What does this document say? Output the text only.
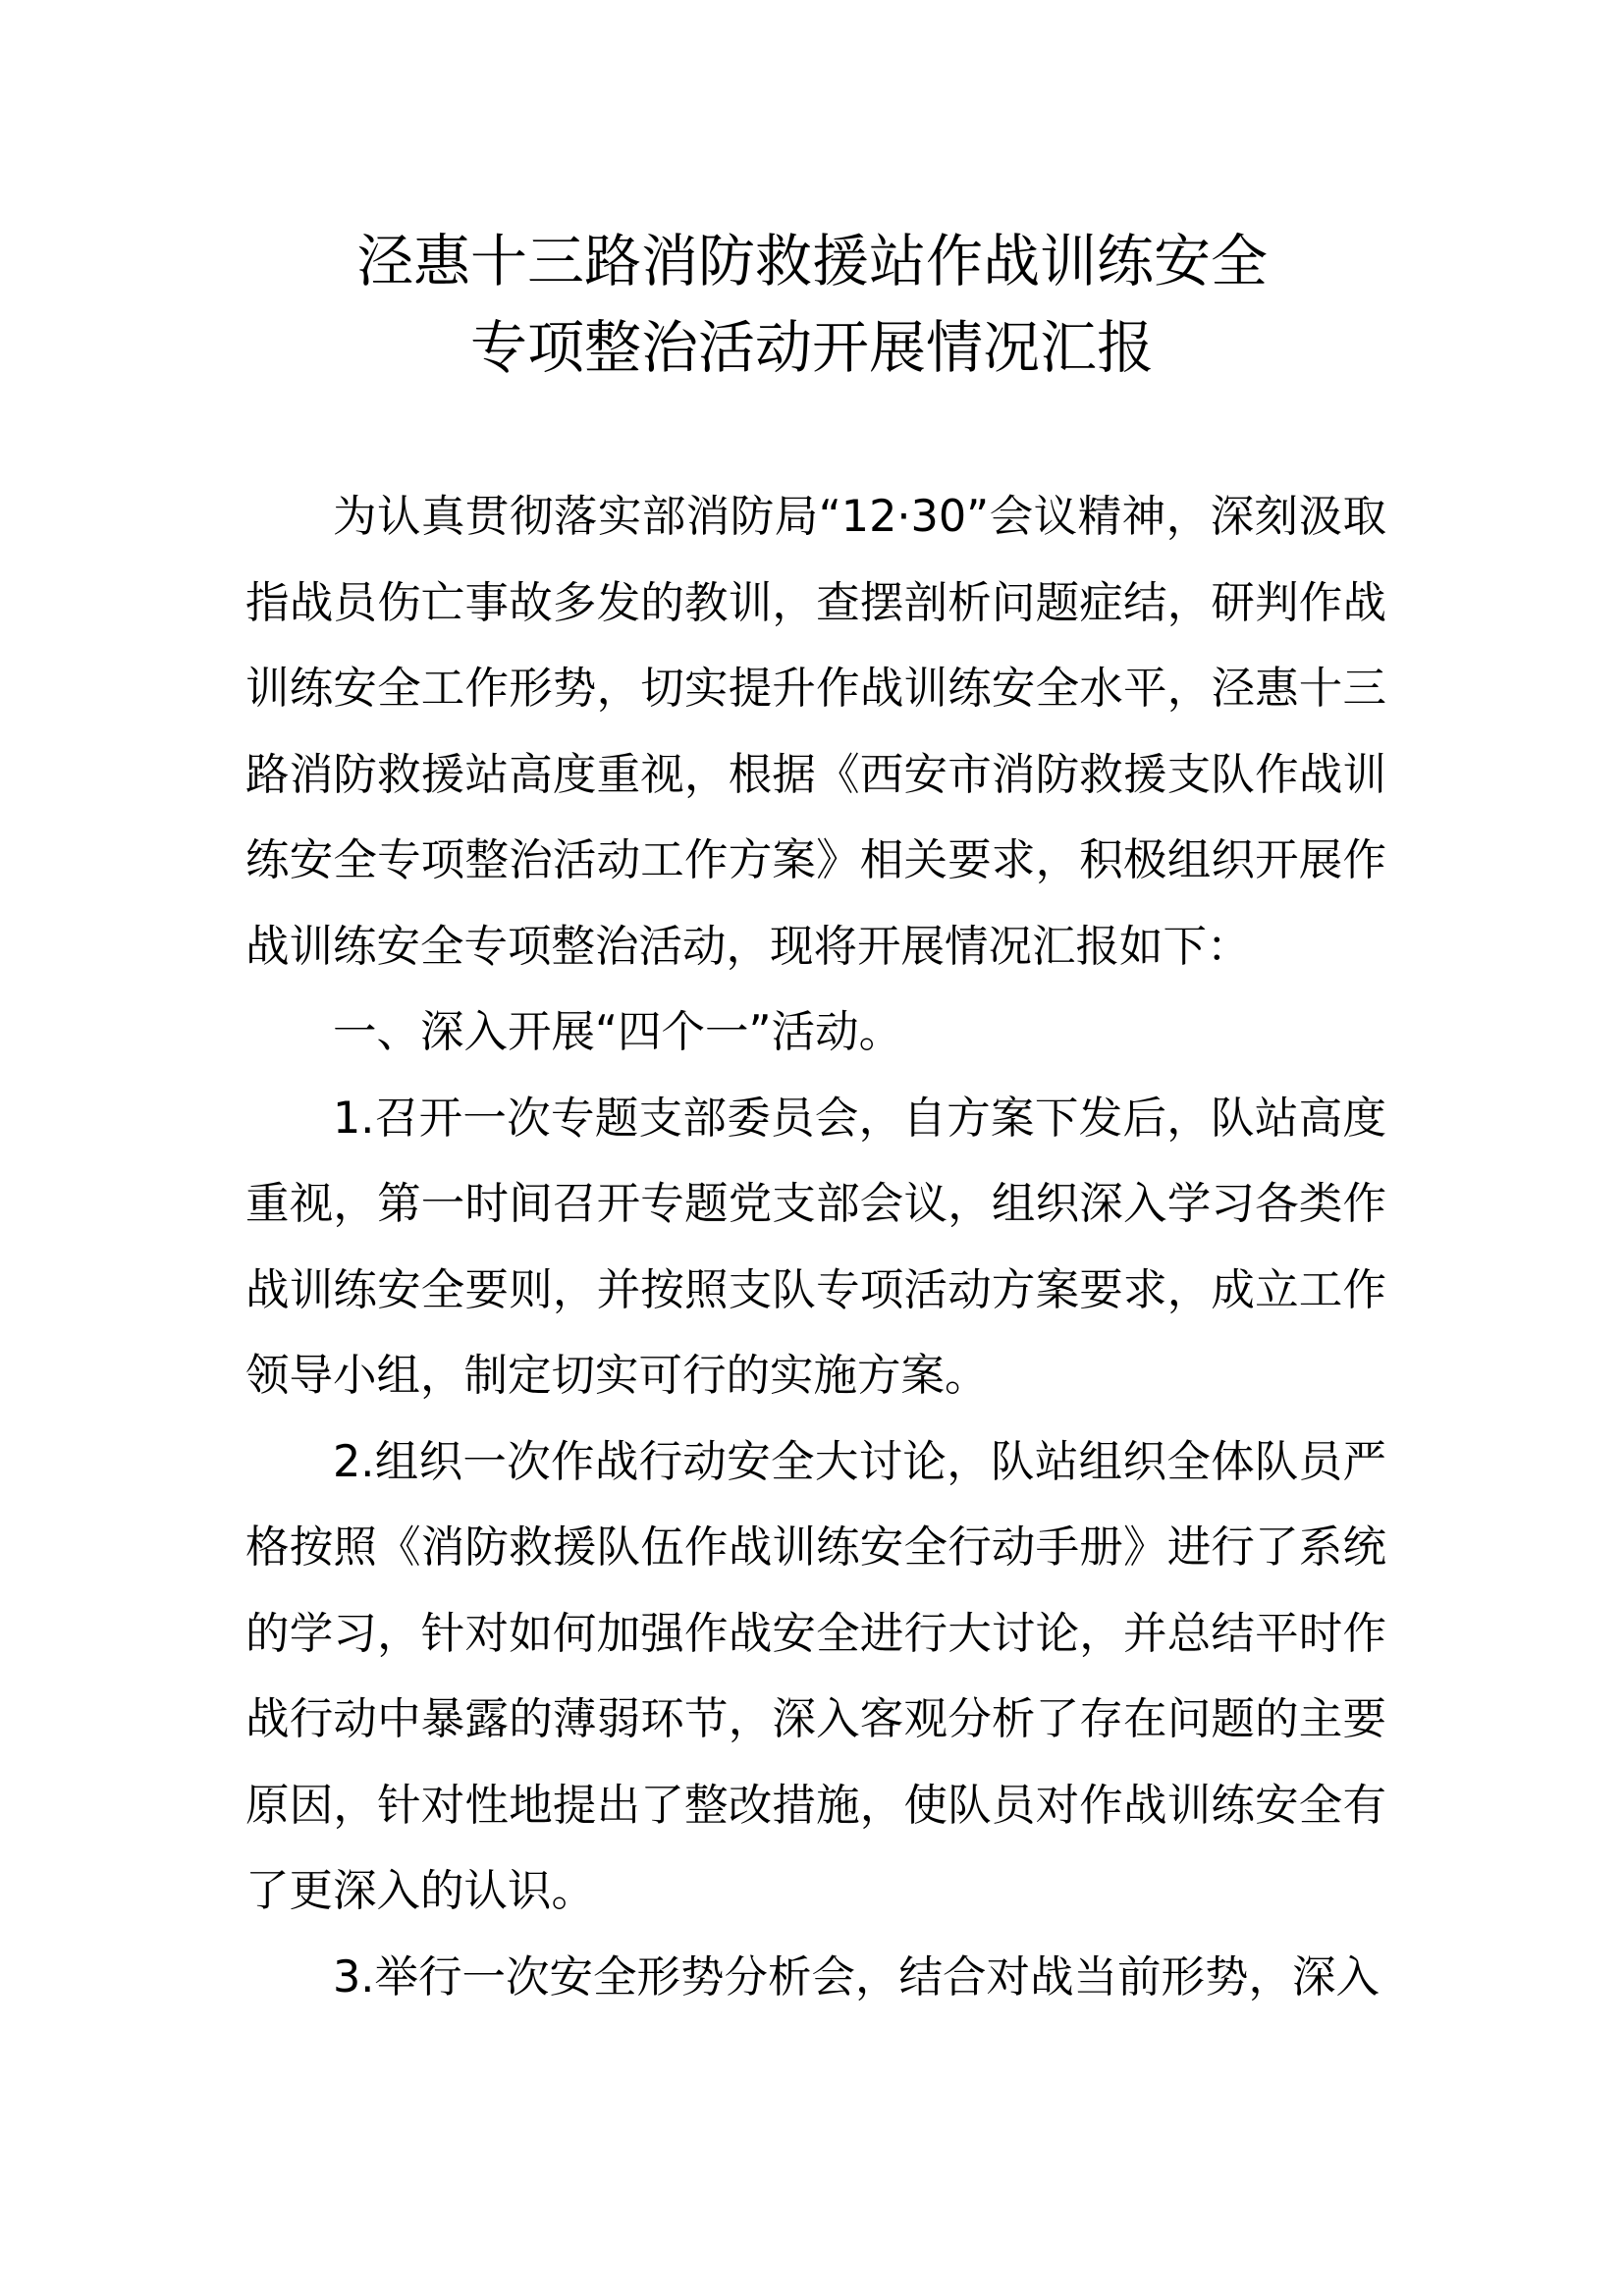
泾惠十三路消防救援站作战训练安全
专项整治活动开展情况汇报

为认真贯彻落实部消防局“12·30”会议精神，深刻汲取指战员伤亡事故多发的教训，查摆剖析问题症结，研判作战训练安全工作形势，切实提升作战训练安全水平，泾惠十三路消防救援站高度重视，根据《西安市消防救援支队作战训练安全专项整治活动工作方案》相关要求，积极组织开展作战训练安全专项整治活动，现将开展情况汇报如下：

一、深入开展“四个一”活动。

1.召开一次专题支部委员会，自方案下发后，队站高度重视，第一时间召开专题党支部会议，组织深入学习各类作战训练安全要则，并按照支队专项活动方案要求，成立工作领导小组，制定切实可行的实施方案。

2.组织一次作战行动安全大讨论，队站组织全体队员严格按照《消防救援队伍作战训练安全行动手册》进行了系统的学习，针对如何加强作战安全进行大讨论，并总结平时作战行动中暴露的薄弱环节，深入客观分析了存在问题的主要原因，针对性地提出了整改措施，使队员对作战训练安全有了更深入的认识。

3.举行一次安全形势分析会，结合对战当前形势，深入
